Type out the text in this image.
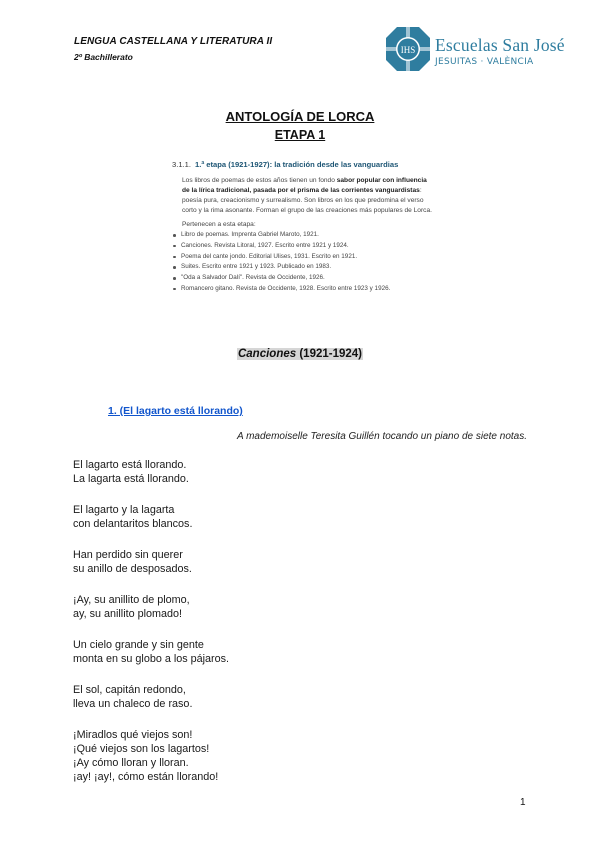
LENGUA CASTELLANA Y LITERATURA II
2º Bachillerato
IHS Escuelas San José
JESUITAS · VALÈNCIA
ANTOLOGÍA DE LORCA
ETAPA 1
3.1.1. 1.ª etapa (1921-1927): la tradición desde las vanguardias
Los libros de poemas de estos años tienen un fondo sabor popular con influencia de la lírica tradicional, pasada por el prisma de las corrientes vanguardistas: poesía pura, creacionismo y surrealismo. Son libros en los que predomina el verso corto y la rima asonante. Forman el grupo de las creaciones más populares de Lorca.
Pertenecen a esta etapa:
Libro de poemas. Imprenta Gabriel Maroto, 1921.
Canciones. Revista Litoral, 1927. Escrito entre 1921 y 1924.
Poema del cante jondo. Editorial Ulises, 1931. Escrito en 1921.
Suites. Escrito entre 1921 y 1923. Publicado en 1983.
"Oda a Salvador Dalí". Revista de Occidente, 1926.
Romancero gitano. Revista de Occidente, 1928. Escrito entre 1923 y 1926.
Canciones (1921-1924)
1. (El lagarto está llorando)
A mademoiselle Teresita Guillén tocando un piano de siete notas.
El lagarto está llorando.
La lagarta está llorando.
El lagarto y la lagarta
con delantaritos blancos.
Han perdido sin querer
su anillo de desposados.
¡Ay, su anillito de plomo,
ay, su anillito plomado!
Un cielo grande y sin gente
monta en su globo a los pájaros.
El sol, capitán redondo,
lleva un chaleco de raso.
¡Miradlos qué viejos son!
¡Qué viejos son los lagartos!
¡Ay cómo lloran y lloran.
¡ay! ¡ay!, cómo están llorando!
1
